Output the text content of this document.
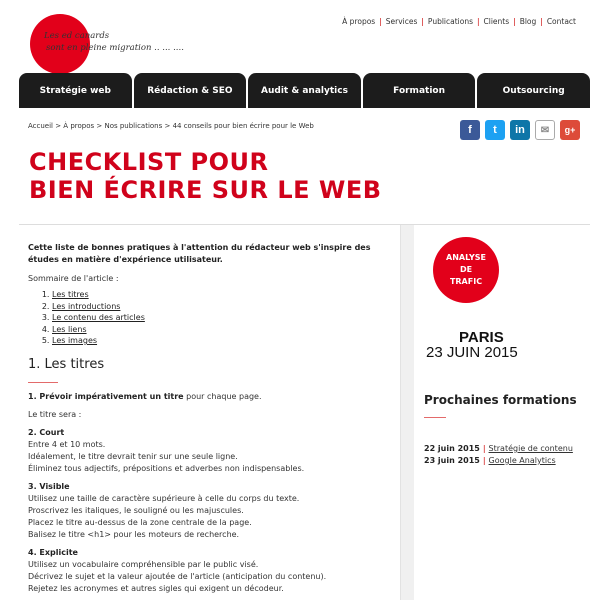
Les ed canards
sont en pleine migration .. ... ....
À propos | Services | Publications | Clients | Blog | Contact
Stratégie web	Rédaction & SEO	Audit & analytics	Formation	Outsourcing
Accueil > À propos > Nos publications > 44 conseils pour bien écrire pour le Web	f	t	in	✉	g+
CHECKLIST POUR
BIEN ÉCRIRE SUR LE WEB
Cette liste de bonnes pratiques à l'attention du rédacteur web s'inspire des études en matière d'expérience utilisateur.
Sommaire de l'article :
1. Les titres
2. Les introductions
3. Le contenu des articles
4. Les liens
5. Les images
1. Les titres
1. Prévoir impérativement un titre pour chaque page.
Le titre sera :
2. Court
Entre 4 et 10 mots.
Idéalement, le titre devrait tenir sur une seule ligne.
Éliminez tous adjectifs, prépositions et adverbes non indispensables.
3. Visible
Utilisez une taille de caractère supérieure à celle du corps du texte.
Proscrivez les italiques, le souligné ou les majuscules.
Placez le titre au-dessus de la zone centrale de la page.
Balisez le titre <h1> pour les moteurs de recherche.
4. Explicite
Utilisez un vocabulaire compréhensible par le public visé.
Décrivez le sujet et la valeur ajoutée de l'article (anticipation du contenu).
Rejetez les acronymes et autres sigles qui exigent un décodeur.
ANALYSE
DE
TRAFIC
PARIS
23 JUIN 2015
Prochaines formations
22 juin 2015 | Stratégie de contenu
23 juin 2015 | Google Analytics
